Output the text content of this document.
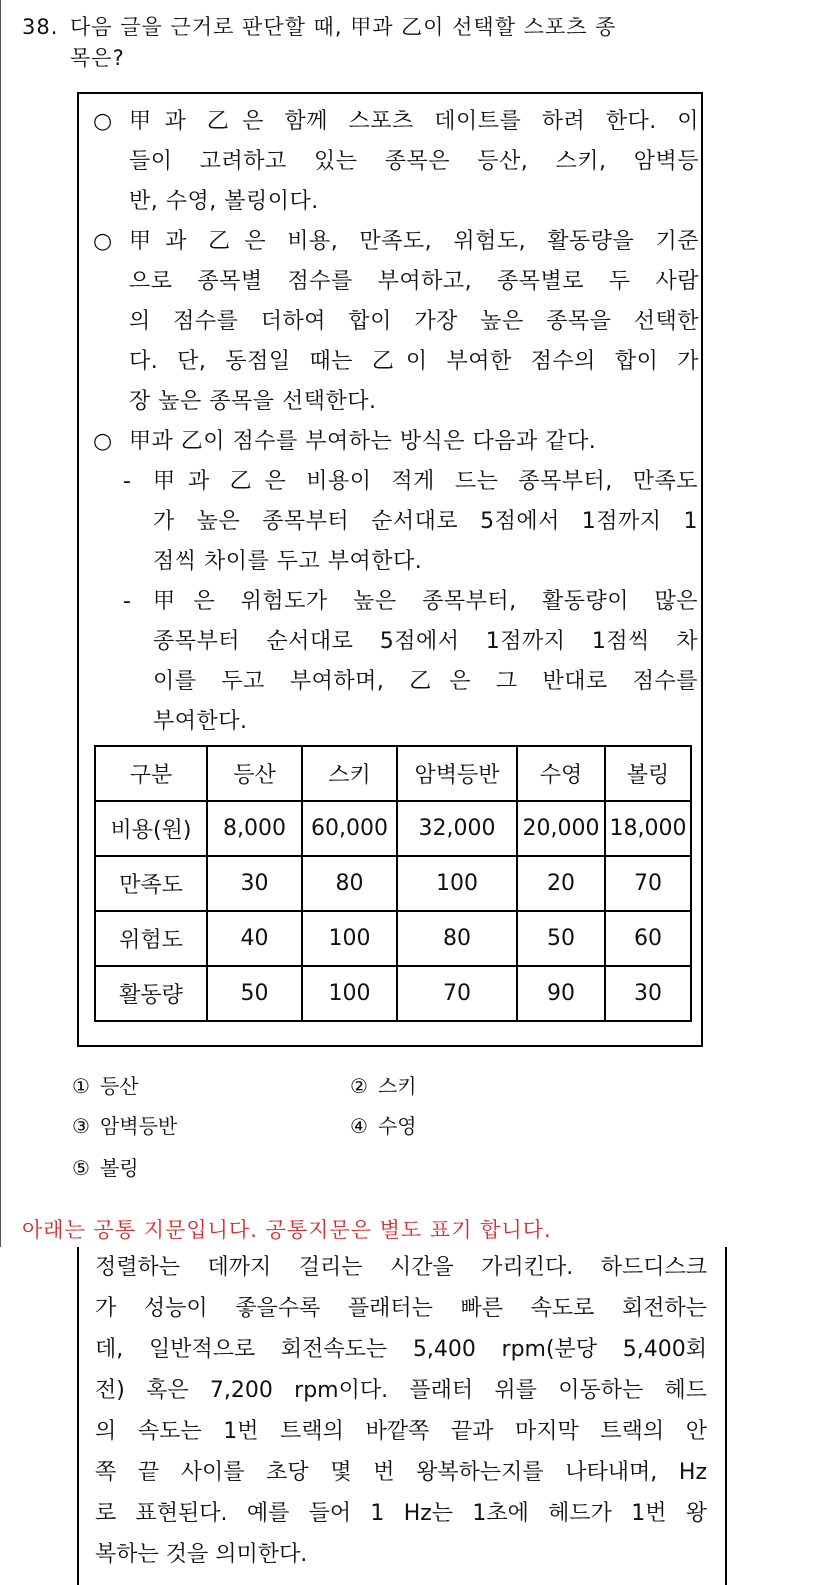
38. 다음 글을 근거로 판단할 때, 甲과 乙이 선택할 스포츠 종
목은?
○ 甲과 乙은 함께 스포츠 데이트를 하려 한다. 이
들이 고려하고 있는 종목은 등산, 스키, 암벽등
반, 수영, 볼링이다.
○ 甲과 乙은 비용, 만족도, 위험도, 활동량을 기준
으로 종목별 점수를 부여하고, 종목별로 두 사람
의 점수를 더하여 합이 가장 높은 종목을 선택한
다. 단, 동점일 때는 乙이 부여한 점수의 합이 가
장 높은 종목을 선택한다.
○ 甲과 乙이 점수를 부여하는 방식은 다음과 같다.
- 甲과 乙은 비용이 적게 드는 종목부터, 만족도
가 높은 종목부터 순서대로 5점에서 1점까지 1
점씩 차이를 두고 부여한다.
- 甲은 위험도가 높은 종목부터, 활동량이 많은
종목부터 순서대로 5점에서 1점까지 1점씩 차
이를 두고 부여하며, 乙은 그 반대로 점수를
부여한다.
구분	등산	스키	암벽등반	수영	볼링
비용(원)	8,000	60,000	32,000	20,000	18,000
만족도	30	80	100	20	70
위험도	40	100	80	50	60
활동량	50	100	70	90	30
① 등산	② 스키
③ 암벽등반	④ 수영
⑤ 볼링
아래는 공통 지문입니다. 공통지문은 별도 표기 합니다.
정렬하는 데까지 걸리는 시간을 가리킨다. 하드디스크
가 성능이 좋을수록 플래터는 빠른 속도로 회전하는
데, 일반적으로 회전속도는 5,400 rpm(분당 5,400회
전) 혹은 7,200 rpm이다. 플래터 위를 이동하는 헤드
의 속도는 1번 트랙의 바깥쪽 끝과 마지막 트랙의 안
쪽 끝 사이를 초당 몇 번 왕복하는지를 나타내며, Hz
로 표현된다. 예를 들어 1 Hz는 1초에 헤드가 1번 왕
복하는 것을 의미한다.
